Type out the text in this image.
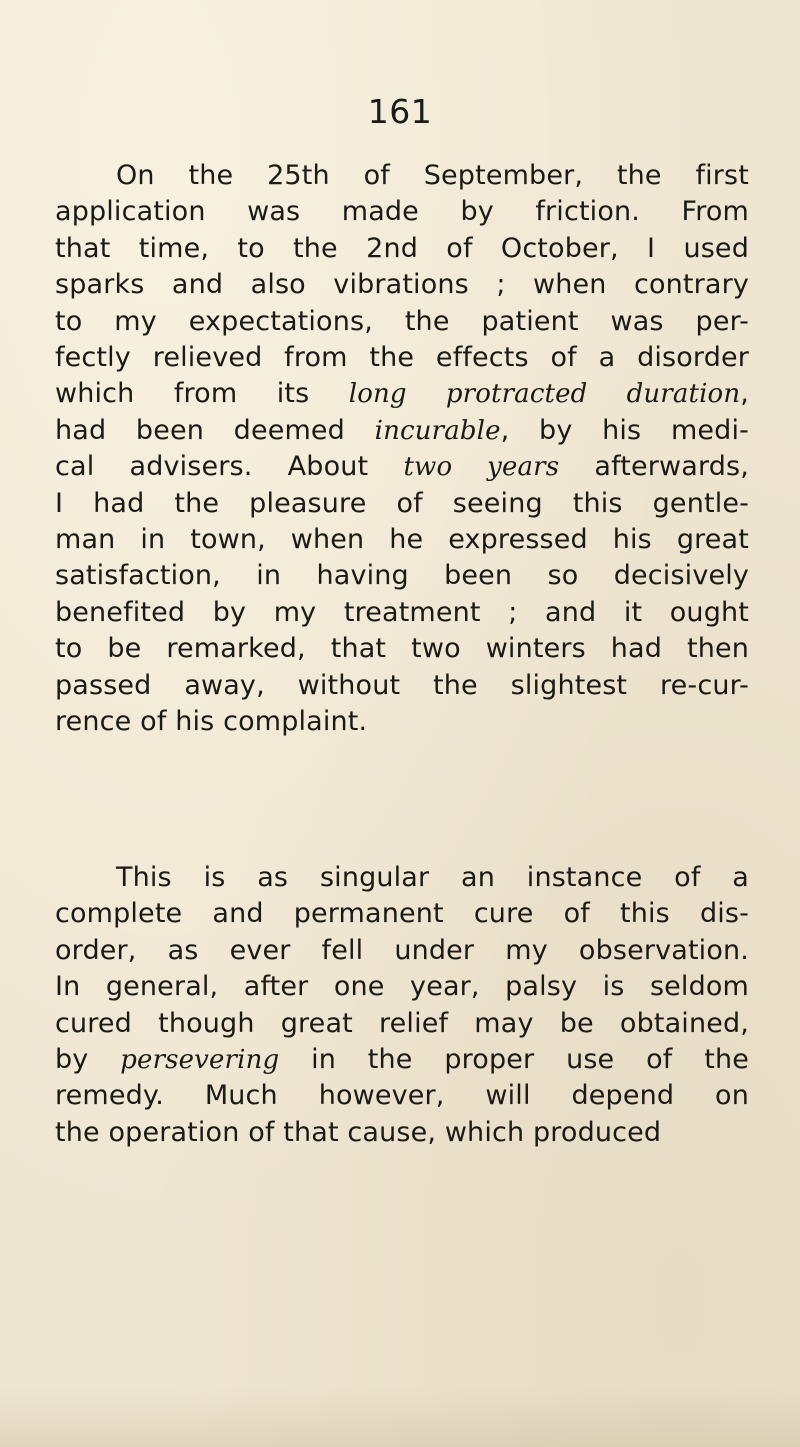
161
On the 25th of September, the first
application was made by friction. From
that time, to the 2nd of October, I used
sparks and also vibrations ; when contrary
to my expectations, the patient was per-
fectly relieved from the effects of a disorder
which from its long protracted duration,
had been deemed incurable, by his medi-
cal advisers. About two years afterwards,
I had the pleasure of seeing this gentle-
man in town, when he expressed his great
satisfaction, in having been so decisively
benefited by my treatment ; and it ought
to be remarked, that two winters had then
passed away, without the slightest re-cur-
rence of his complaint.
This is as singular an instance of a
complete and permanent cure of this dis-
order, as ever fell under my observation.
In general, after one year, palsy is seldom
cured though great relief may be obtained,
by persevering in the proper use of the
remedy. Much however, will depend on
the operation of that cause, which produced
